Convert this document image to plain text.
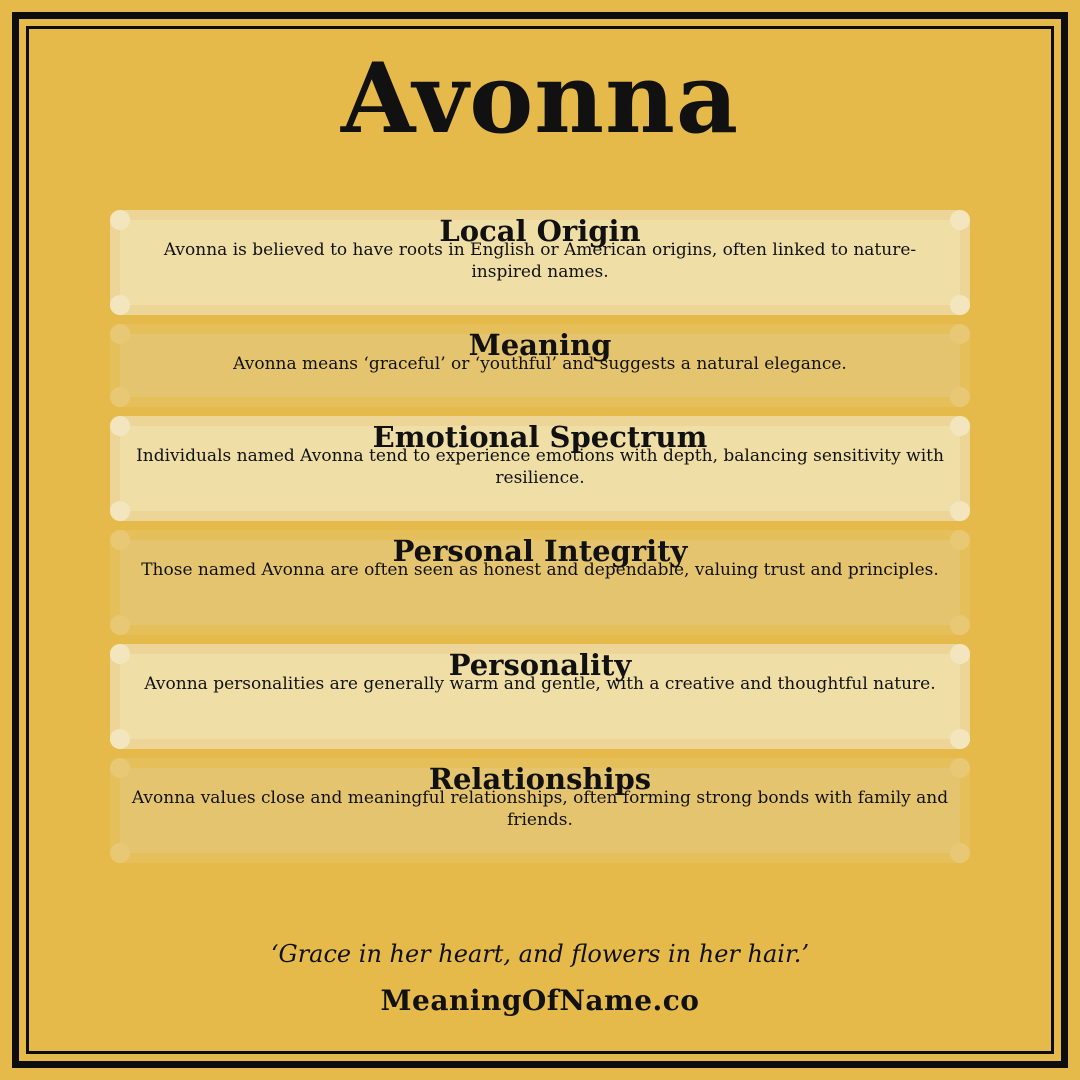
Avonna
Local Origin
Avonna is believed to have roots in English or American origins, often linked to nature-inspired names.
Meaning
Avonna means ‘graceful’ or ‘youthful’ and suggests a natural elegance.
Emotional Spectrum
Individuals named Avonna tend to experience emotions with depth, balancing sensitivity with resilience.
Personal Integrity
Those named Avonna are often seen as honest and dependable, valuing trust and principles.
Personality
Avonna personalities are generally warm and gentle, with a creative and thoughtful nature.
Relationships
Avonna values close and meaningful relationships, often forming strong bonds with family and friends.
‘Grace in her heart, and flowers in her hair.’
MeaningOfName.co
